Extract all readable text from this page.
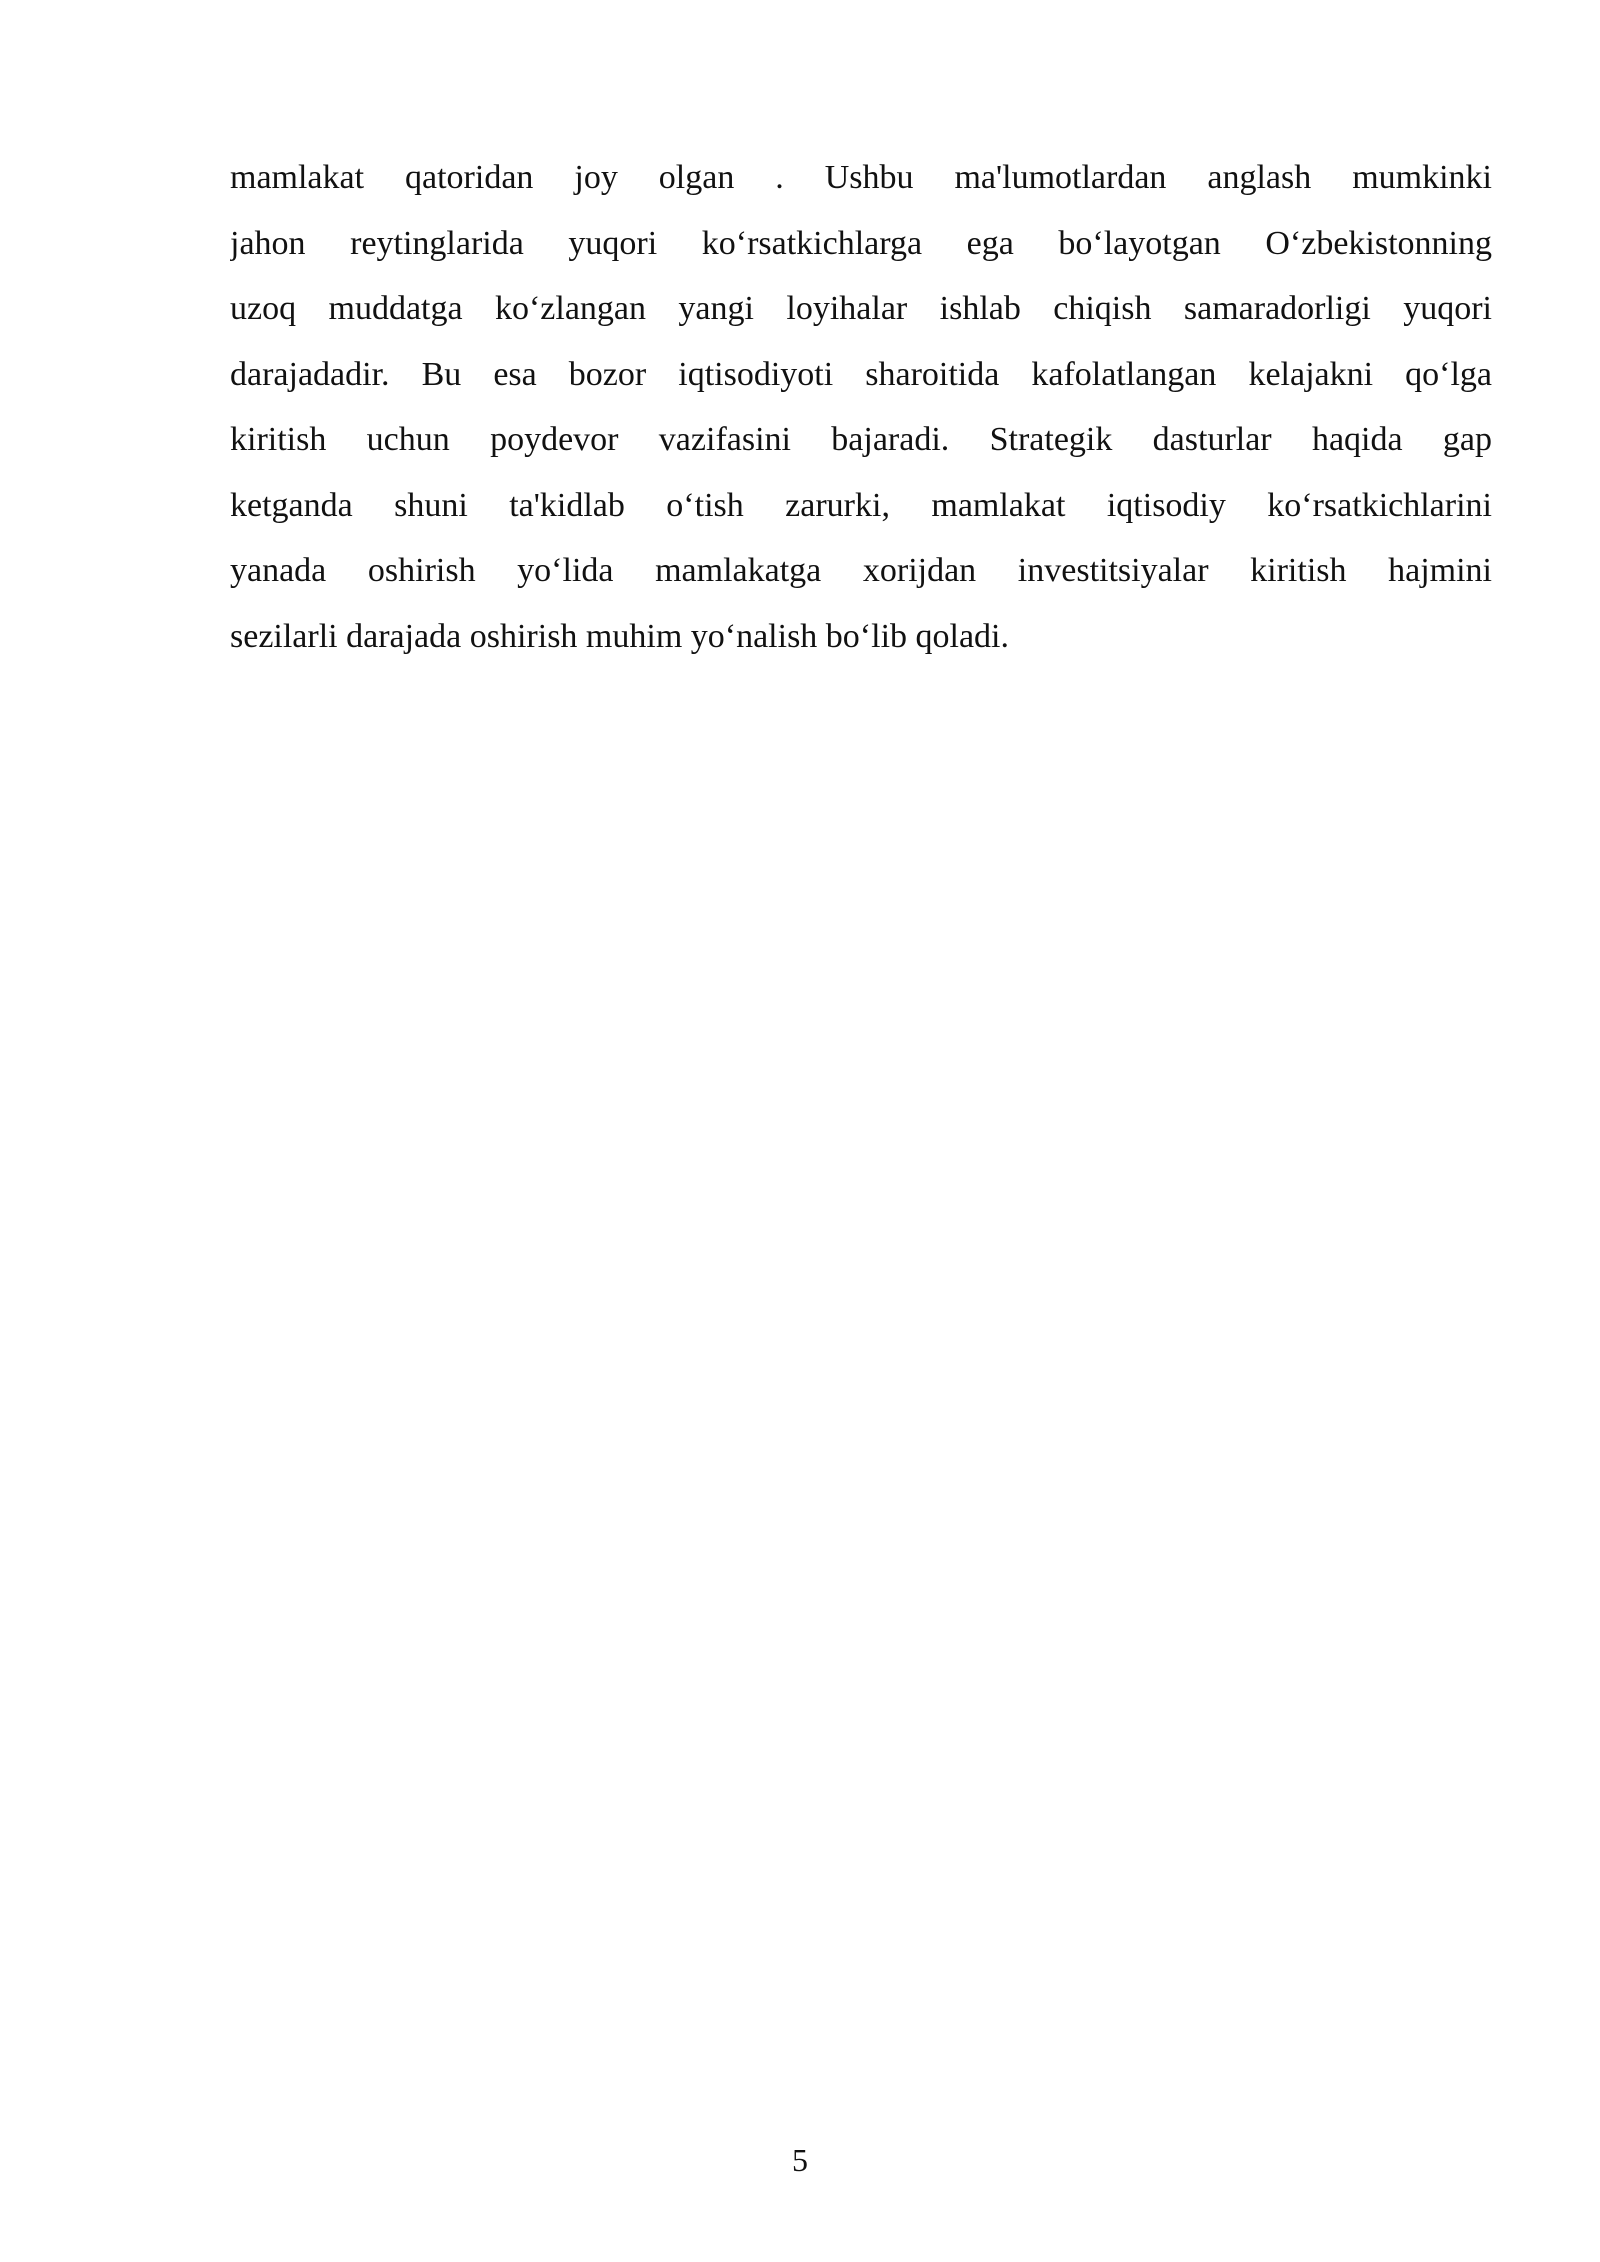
mamlakat qatoridan joy olgan . Ushbu ma'lumotlardan anglash mumkinki
jahon reytinglarida yuqori koʻrsatkichlarga ega boʻlayotgan Oʻzbekistonning
uzoq muddatga koʻzlangan yangi loyihalar ishlab chiqish samaradorligi yuqori
darajadadir. Bu esa bozor iqtisodiyoti sharoitida kafolatlangan kelajakni qoʻlga
kiritish uchun poydevor vazifasini bajaradi. Strategik dasturlar haqida gap
ketganda shuni ta'kidlab oʻtish zarurki, mamlakat iqtisodiy koʻrsatkichlarini
yanada oshirish yoʻlida mamlakatga xorijdan investitsiyalar kiritish hajmini
sezilarli darajada oshirish muhim yoʻnalish boʻlib qoladi.
5
